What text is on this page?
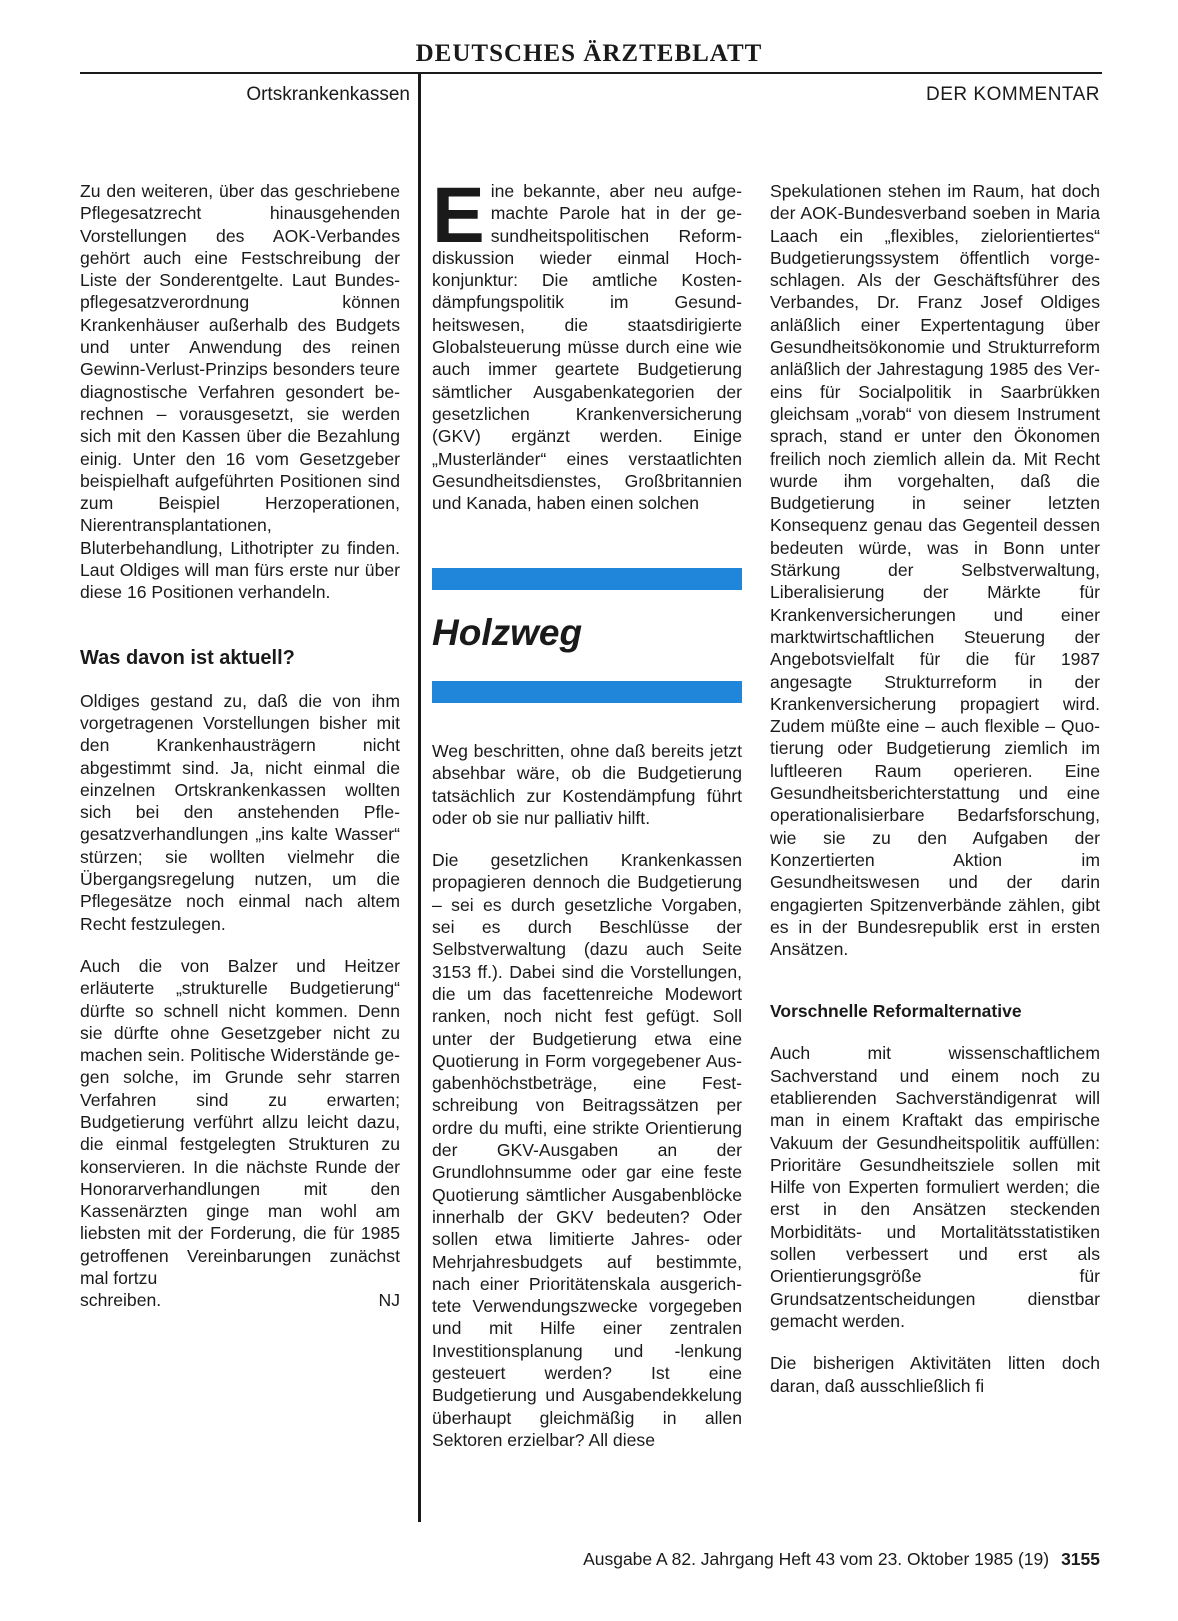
DEUTSCHES ÄRZTEBLATT
Ortskrankenkassen	DER KOMMENTAR

Zu den weiteren, über das geschriebene Pflegesatzrecht hinausgehenden Vorstellungen des AOK-Verbandes gehört auch eine Festschreibung der Liste der Sonderentgelte. Laut Bundespflegesatzverordnung können Krankenhäuser außerhalb des Budgets und unter Anwendung des reinen Gewinn-Verlust-Prinzips besonders teure diagnostische Verfahren gesondert berechnen – vorausgesetzt, sie werden sich mit den Kassen über die Bezahlung einig. Unter den 16 vom Gesetzgeber beispielhaft aufgeführten Positionen sind zum Beispiel Herzoperationen, Nierentransplantationen, Bluterbehandlung, Lithotripter zu finden. Laut Oldiges will man fürs erste nur über diese 16 Positionen verhandeln.

Was davon ist aktuell?

Oldiges gestand zu, daß die von ihm vorgetragenen Vorstellungen bisher mit den Krankenhausträgern nicht abgestimmt sind. Ja, nicht einmal die einzelnen Ortskrankenkassen wollten sich bei den anstehenden Pflegesatzverhandlungen „ins kalte Wasser“ stürzen; sie wollten vielmehr die Übergangsregelung nutzen, um die Pflegesätze noch einmal nach altem Recht festzulegen.

Auch die von Balzer und Heitzer erläuterte „strukturelle Budgetierung“ dürfte so schnell nicht kommen. Denn sie dürfte ohne Gesetzgeber nicht zu machen sein. Politische Widerstände gegen solche, im Grunde sehr starren Verfahren sind zu erwarten; Budgetierung verführt allzu leicht dazu, die einmal festgelegten Strukturen zu konservieren. In die nächste Runde der Honorarverhandlungen mit den Kassenärzten ginge man wohl am liebsten mit der Forderung, die für 1985 getroffenen Vereinbarungen zunächst mal fortzu

schreiben.	NJ

Eine bekannte, aber neu aufgemachte Parole hat in der gesundheitspolitischen Reformdiskussion wieder einmal Hochkonjunktur: Die amtliche Kostendämpfungspolitik im Gesundheitswesen, die staatsdirigierte Globalsteuerung müsse durch eine wie auch immer geartete Budgetierung sämtlicher Ausgabenkategorien der gesetzlichen Krankenversicherung (GKV) ergänzt werden. Einige „Musterländer“ eines verstaatlichten Gesundheitsdienstes, Großbritannien und Kanada, haben einen solchen

Holzweg

Weg beschritten, ohne daß bereits jetzt absehbar wäre, ob die Budgetierung tatsächlich zur Kostendämpfung führt oder ob sie nur palliativ hilft.

Die gesetzlichen Krankenkassen propagieren dennoch die Budgetierung – sei es durch gesetzliche Vorgaben, sei es durch Beschlüsse der Selbstverwaltung (dazu auch Seite 3153 ff.). Dabei sind die Vorstellungen, die um das facettenreiche Modewort ranken, noch nicht fest gefügt. Soll unter der Budgetierung etwa eine Quotierung in Form vorgegebener Ausgabenhöchstbeträge, eine Festschreibung von Beitragssätzen per ordre du mufti, eine strikte Orientierung der GKV-Ausgaben an der Grundlohnsumme oder gar eine feste Quotierung sämtlicher Ausgabenblöcke innerhalb der GKV bedeuten? Oder sollen etwa limitierte Jahres- oder Mehrjahresbudgets auf bestimmte, nach einer Prioritätenskala ausgerichtete Verwendungszwecke vorgegeben und mit Hilfe einer zentralen Investitionsplanung und -lenkung gesteuert werden? Ist eine Budgetierung und Ausgabendekkelung überhaupt gleichmäßig in allen Sektoren erzielbar? All diese

Spekulationen stehen im Raum, hat doch der AOK-Bundesverband soeben in Maria Laach ein „flexibles, zielorientiertes“ Budgetierungssystem öffentlich vorgeschlagen. Als der Geschäftsführer des Verbandes, Dr. Franz Josef Oldiges anläßlich einer Expertentagung über Gesundheitsökonomie und Strukturreform anläßlich der Jahrestagung 1985 des Vereins für Socialpolitik in Saarbrükken gleichsam „vorab“ von diesem Instrument sprach, stand er unter den Ökonomen freilich noch ziemlich allein da. Mit Recht wurde ihm vorgehalten, daß die Budgetierung in seiner letzten Konsequenz genau das Gegenteil dessen bedeuten würde, was in Bonn unter Stärkung der Selbstverwaltung, Liberalisierung der Märkte für Krankenversicherungen und einer marktwirtschaftlichen Steuerung der Angebotsvielfalt für die für 1987 angesagte Strukturreform in der Krankenversicherung propagiert wird. Zudem müßte eine – auch flexible – Quotierung oder Budgetierung ziemlich im luftleeren Raum operieren. Eine Gesundheitsberichterstattung und eine operationalisierbare Bedarfsforschung, wie sie zu den Aufgaben der Konzertierten Aktion im Gesundheitswesen und der darin engagierten Spitzenverbände zählen, gibt es in der Bundesrepublik erst in ersten Ansätzen.

Vorschnelle Reformalternative

Auch mit wissenschaftlichem Sachverstand und einem noch zu etablierenden Sachverständigenrat will man in einem Kraftakt das empirische Vakuum der Gesundheitspolitik auffüllen: Prioritäre Gesundheitsziele sollen mit Hilfe von Experten formuliert werden; die erst in den Ansätzen steckenden Morbiditäts- und Mortalitätsstatistiken sollen verbessert und erst als Orientierungsgröße für Grundsatzentscheidungen dienstbar gemacht werden.

Die bisherigen Aktivitäten litten doch daran, daß ausschließlich fi

Ausgabe A 82. Jahrgang Heft 43 vom 23. Oktober 1985 (19) 3155
